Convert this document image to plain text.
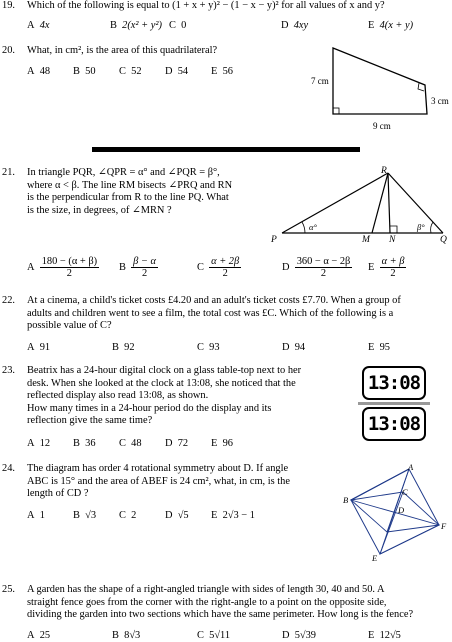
19. Which of the following is equal to (1 + x + y)² − (1 − x − y)² for all values of x and y?
A 4x	B 2(x² + y²) C 0	D 4xy	E 4(x + y)
20. What, in cm², is the area of this quadrilateral?
A 48 B 50 C 52 D 54 E 56
7 cm
3 cm
9 cm
21. In triangle PQR, ∠QPR = α° and ∠PQR = β°,
where α < β. The line RM bisects ∠PRQ and RN
is the perpendicular from R to the line PQ. What
is the size, in degrees, of ∠MRN ?
R
P	Q
M N
α°	β°
A $\frac{180 - (\alpha + \beta)}{2}$ B $\frac{\beta - \alpha}{2}$	C $\frac{\alpha + 2\beta}{2}$	D $\frac{360 - \alpha - 2\beta}{2}$ E $\frac{\alpha + \beta}{2}$
22. At a cinema, a child's ticket costs £4.20 and an adult's ticket costs £7.70. When a group of
adults and children went to see a film, the total cost was £C. Which of the following is a
possible value of C?
A 91	B 92	C 93	D 94	E 95
23. Beatrix has a 24-hour digital clock on a glass table-top next to her
desk. When she looked at the clock at 13:08, she noticed that the
reflected display also read 13:08, as shown.
How many times in a 24-hour period do the display and its
reflection give the same time?
A 12 B 36 C 48 D 72 E 96
13:08
13:08
24. The diagram has order 4 rotational symmetry about D. If angle
ABC is 15° and the area of ABEF is 24 cm², what, in cm, is the
length of CD ?
A 1	B √3 C 2	D √5 E 2√3 − 1
A
B
C
D
E
F
25. A garden has the shape of a right-angled triangle with sides of length 30, 40 and 50. A
straight fence goes from the corner with the right-angle to a point on the opposite side,
dividing the garden into two sections which have the same perimeter. How long is the fence?
A 25	B 8√3	C 5√11	D 5√39	E 12√5
